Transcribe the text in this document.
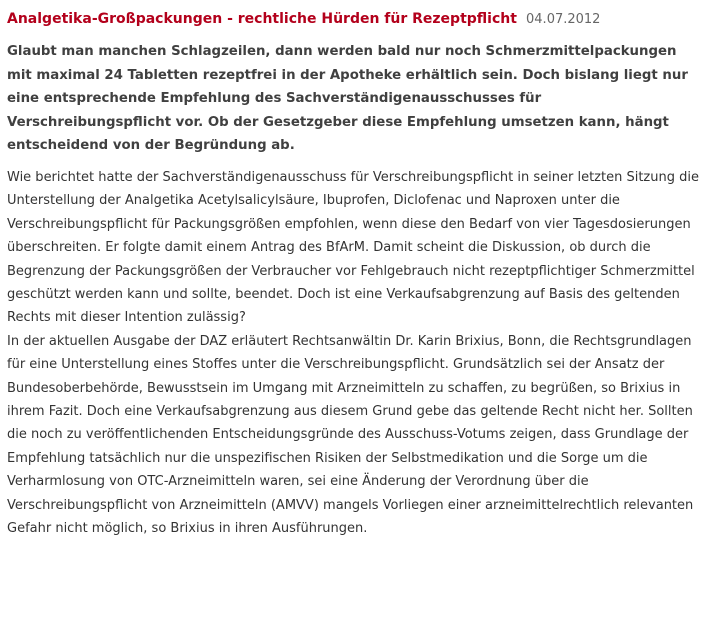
Analgetika-Großpackungen - rechtliche Hürden für Rezeptpflicht 04.07.2012

Glaubt man manchen Schlagzeilen, dann werden bald nur noch Schmerzmittelpackungen mit maximal 24 Tabletten rezeptfrei in der Apotheke erhältlich sein. Doch bislang liegt nur eine entsprechende Empfehlung des Sachverständigenausschusses für Verschreibungspflicht vor. Ob der Gesetzgeber diese Empfehlung umsetzen kann, hängt entscheidend von der Begründung ab.

Wie berichtet hatte der Sachverständigenausschuss für Verschreibungspflicht in seiner letzten Sitzung die Unterstellung der Analgetika Acetylsalicylsäure, Ibuprofen, Diclofenac und Naproxen unter die Verschreibungspflicht für Packungsgrößen empfohlen, wenn diese den Bedarf von vier Tagesdosierungen überschreiten. Er folgte damit einem Antrag des BfArM. Damit scheint die Diskussion, ob durch die Begrenzung der Packungsgrößen der Verbraucher vor Fehlgebrauch nicht rezeptpflichtiger Schmerzmittel geschützt werden kann und sollte, beendet. Doch ist eine Verkaufsabgrenzung auf Basis des geltenden Rechts mit dieser Intention zulässig?

In der aktuellen Ausgabe der DAZ erläutert Rechtsanwältin Dr. Karin Brixius, Bonn, die Rechtsgrundlagen für eine Unterstellung eines Stoffes unter die Verschreibungspflicht. Grundsätzlich sei der Ansatz der Bundesoberbehörde, Bewusstsein im Umgang mit Arzneimitteln zu schaffen, zu begrüßen, so Brixius in ihrem Fazit. Doch eine Verkaufsabgrenzung aus diesem Grund gebe das geltende Recht nicht her. Sollten die noch zu veröffentlichenden Entscheidungsgründe des Ausschuss-Votums zeigen, dass Grundlage der Empfehlung tatsächlich nur die unspezifischen Risiken der Selbstmedikation und die Sorge um die Verharmlosung von OTC-Arzneimitteln waren, sei eine Änderung der Verordnung über die Verschreibungspflicht von Arzneimitteln (AMVV) mangels Vorliegen einer arzneimittelrechtlich relevanten Gefahr nicht möglich, so Brixius in ihren Ausführungen.
